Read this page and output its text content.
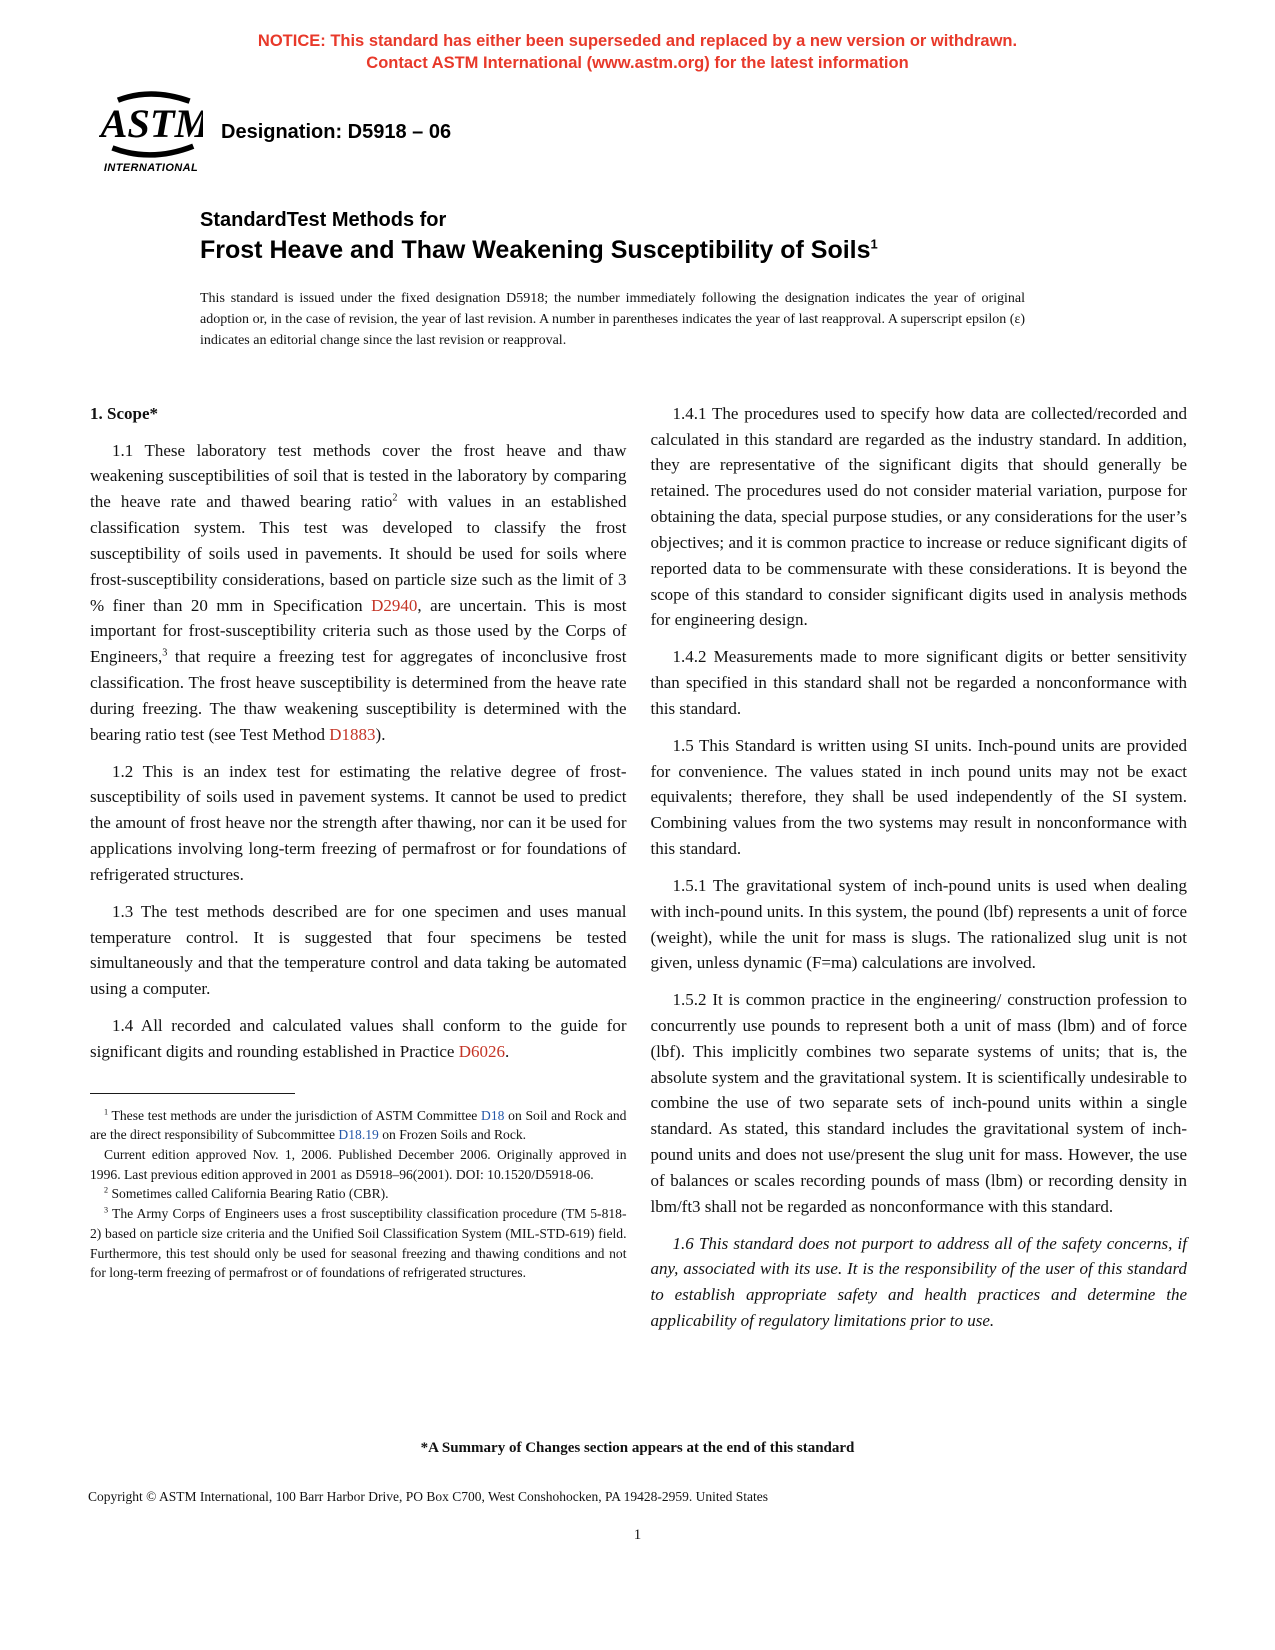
NOTICE: This standard has either been superseded and replaced by a new version or withdrawn.
Contact ASTM International (www.astm.org) for the latest information
ASTM
INTERNATIONAL
Designation: D5918 – 06
StandardTest Methods for
Frost Heave and Thaw Weakening Susceptibility of Soils$^1$

This standard is issued under the fixed designation D5918; the number immediately following the designation indicates the year of original adoption or, in the case of revision, the year of last revision. A number in parentheses indicates the year of last reapproval. A superscript epsilon (ε) indicates an editorial change since the last revision or reapproval.

1. Scope*

1.1 These laboratory test methods cover the frost heave and thaw weakening susceptibilities of soil that is tested in the laboratory by comparing the heave rate and thawed bearing ratio$^2$ with values in an established classification system. This test was developed to classify the frost susceptibility of soils used in pavements. It should be used for soils where frost-susceptibility considerations, based on particle size such as the limit of 3 % finer than 20 mm in Specification D2940, are uncertain. This is most important for frost-susceptibility criteria such as those used by the Corps of Engineers,$^3$ that require a freezing test for aggregates of inconclusive frost classification. The frost heave susceptibility is determined from the heave rate during freezing. The thaw weakening susceptibility is determined with the bearing ratio test (see Test Method D1883).

1.2 This is an index test for estimating the relative degree of frost-susceptibility of soils used in pavement systems. It cannot be used to predict the amount of frost heave nor the strength after thawing, nor can it be used for applications involving long-term freezing of permafrost or for foundations of refrigerated structures.

1.3 The test methods described are for one specimen and uses manual temperature control. It is suggested that four specimens be tested simultaneously and that the temperature control and data taking be automated using a computer.

1.4 All recorded and calculated values shall conform to the guide for significant digits and rounding established in Practice D6026.

$^1$ These test methods are under the jurisdiction of ASTM Committee D18 on Soil and Rock and are the direct responsibility of Subcommittee D18.19 on Frozen Soils and Rock.

Current edition approved Nov. 1, 2006. Published December 2006. Originally approved in 1996. Last previous edition approved in 2001 as D5918–96(2001). DOI: 10.1520/D5918-06.

$^2$ Sometimes called California Bearing Ratio (CBR).

$^3$ The Army Corps of Engineers uses a frost susceptibility classification procedure (TM 5-818-2) based on particle size criteria and the Unified Soil Classification System (MIL-STD-619) field. Furthermore, this test should only be used for seasonal freezing and thawing conditions and not for long-term freezing of permafrost or of foundations of refrigerated structures.

1.4.1 The procedures used to specify how data are collected/recorded and calculated in this standard are regarded as the industry standard. In addition, they are representative of the significant digits that should generally be retained. The procedures used do not consider material variation, purpose for obtaining the data, special purpose studies, or any considerations for the user’s objectives; and it is common practice to increase or reduce significant digits of reported data to be commensurate with these considerations. It is beyond the scope of this standard to consider significant digits used in analysis methods for engineering design.

1.4.2 Measurements made to more significant digits or better sensitivity than specified in this standard shall not be regarded a nonconformance with this standard.

1.5 This Standard is written using SI units. Inch-pound units are provided for convenience. The values stated in inch pound units may not be exact equivalents; therefore, they shall be used independently of the SI system. Combining values from the two systems may result in nonconformance with this standard.

1.5.1 The gravitational system of inch-pound units is used when dealing with inch-pound units. In this system, the pound (lbf) represents a unit of force (weight), while the unit for mass is slugs. The rationalized slug unit is not given, unless dynamic (F=ma) calculations are involved.

1.5.2 It is common practice in the engineering/ construction profession to concurrently use pounds to represent both a unit of mass (lbm) and of force (lbf). This implicitly combines two separate systems of units; that is, the absolute system and the gravitational system. It is scientifically undesirable to combine the use of two separate sets of inch-pound units within a single standard. As stated, this standard includes the gravitational system of inch-pound units and does not use/present the slug unit for mass. However, the use of balances or scales recording pounds of mass (lbm) or recording density in lbm/ft3 shall not be regarded as nonconformance with this standard.

1.6 This standard does not purport to address all of the safety concerns, if any, associated with its use. It is the responsibility of the user of this standard to establish appropriate safety and health practices and determine the applicability of regulatory limitations prior to use.

*A Summary of Changes section appears at the end of this standard
Copyright © ASTM International, 100 Barr Harbor Drive, PO Box C700, West Conshohocken, PA 19428-2959. United States
1
